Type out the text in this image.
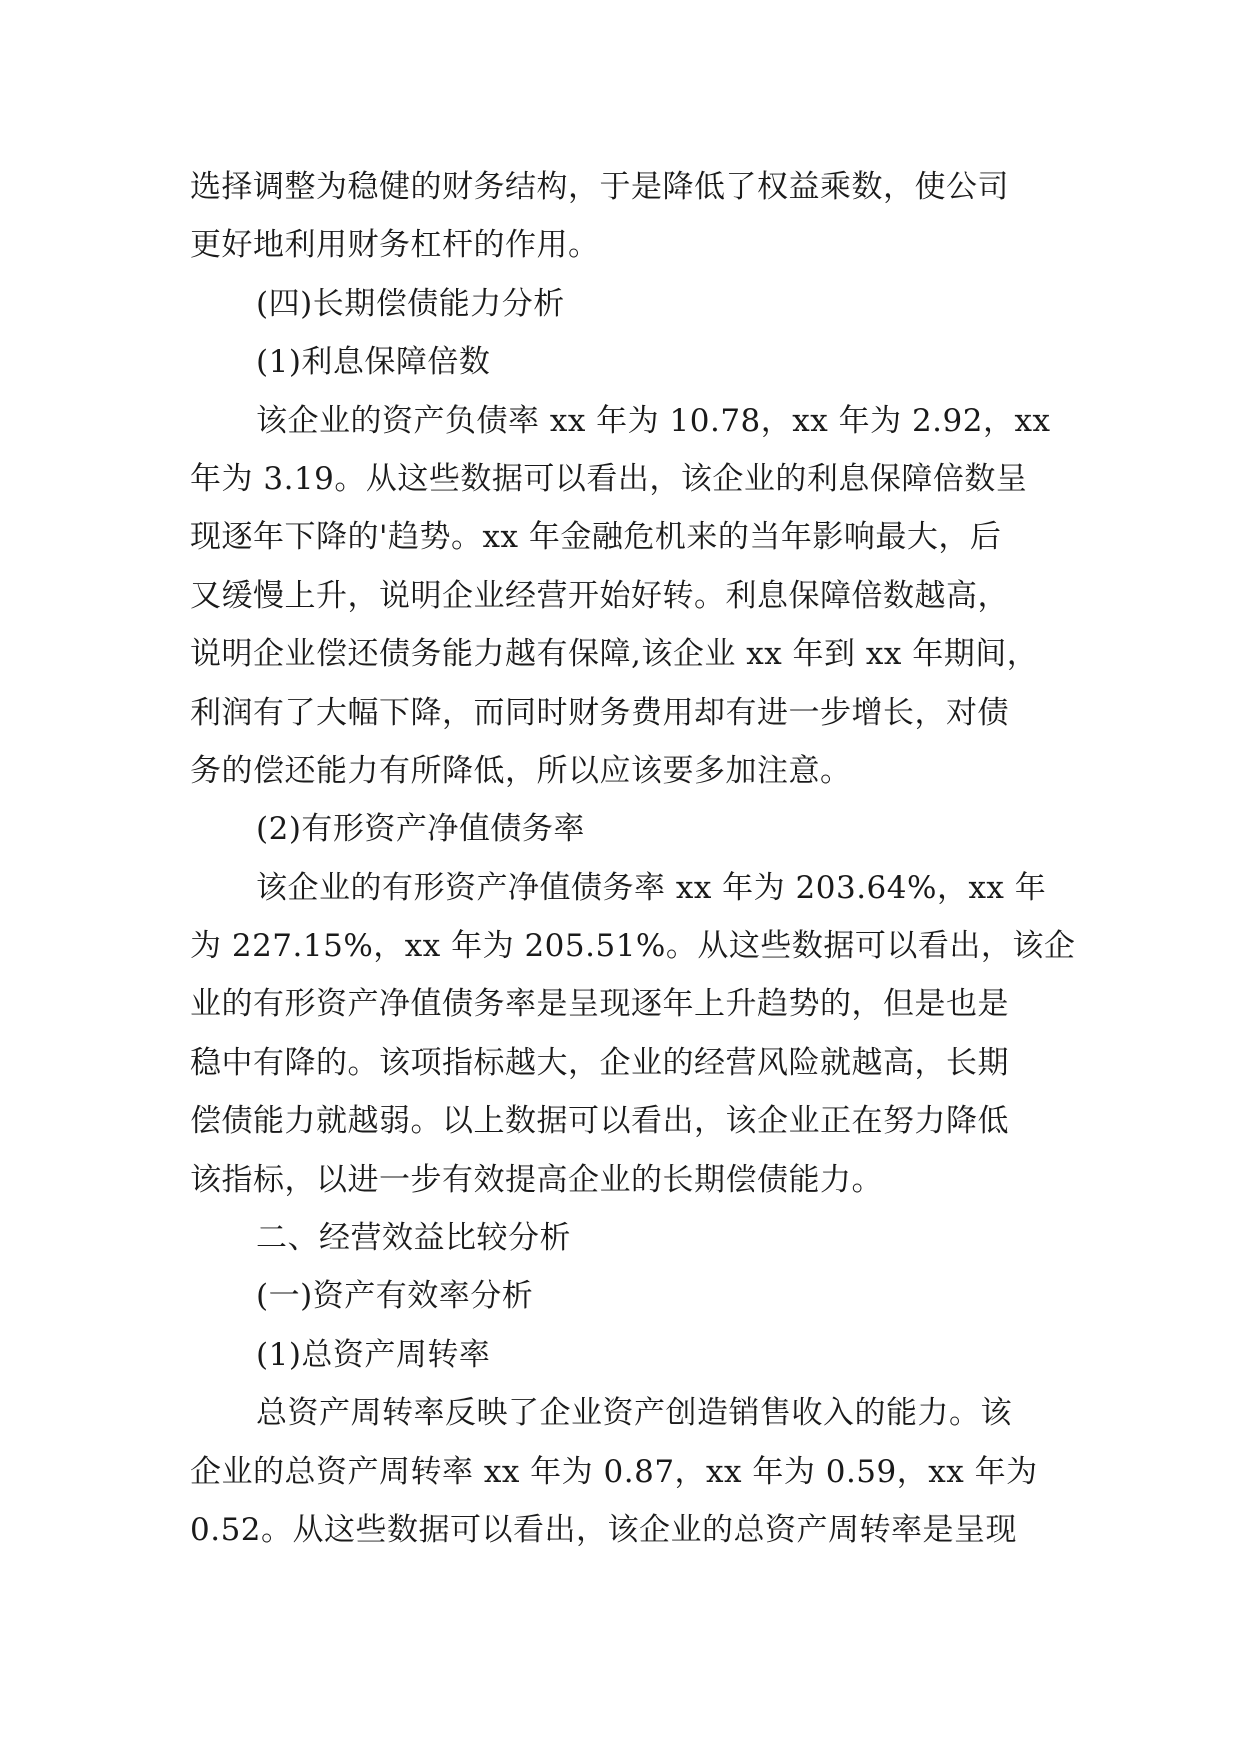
选择调整为稳健的财务结构，于是降低了权益乘数，使公司
更好地利用财务杠杆的作用。
(四)长期偿债能力分析
(1)利息保障倍数
该企业的资产负债率 xx 年为 10.78，xx 年为 2.92，xx
年为 3.19。从这些数据可以看出，该企业的利息保障倍数呈
现逐年下降的'趋势。xx 年金融危机来的当年影响最大，后
又缓慢上升，说明企业经营开始好转。利息保障倍数越高，
说明企业偿还债务能力越有保障,该企业 xx 年到 xx 年期间，
利润有了大幅下降，而同时财务费用却有进一步增长，对债
务的偿还能力有所降低，所以应该要多加注意。
(2)有形资产净值债务率
该企业的有形资产净值债务率 xx 年为 203.64%，xx 年
为 227.15%，xx 年为 205.51%。从这些数据可以看出，该企
业的有形资产净值债务率是呈现逐年上升趋势的，但是也是
稳中有降的。该项指标越大，企业的经营风险就越高，长期
偿债能力就越弱。以上数据可以看出，该企业正在努力降低
该指标，以进一步有效提高企业的长期偿债能力。
二、经营效益比较分析
(一)资产有效率分析
(1)总资产周转率
总资产周转率反映了企业资产创造销售收入的能力。该
企业的总资产周转率 xx 年为 0.87，xx 年为 0.59，xx 年为
0.52。从这些数据可以看出，该企业的总资产周转率是呈现
